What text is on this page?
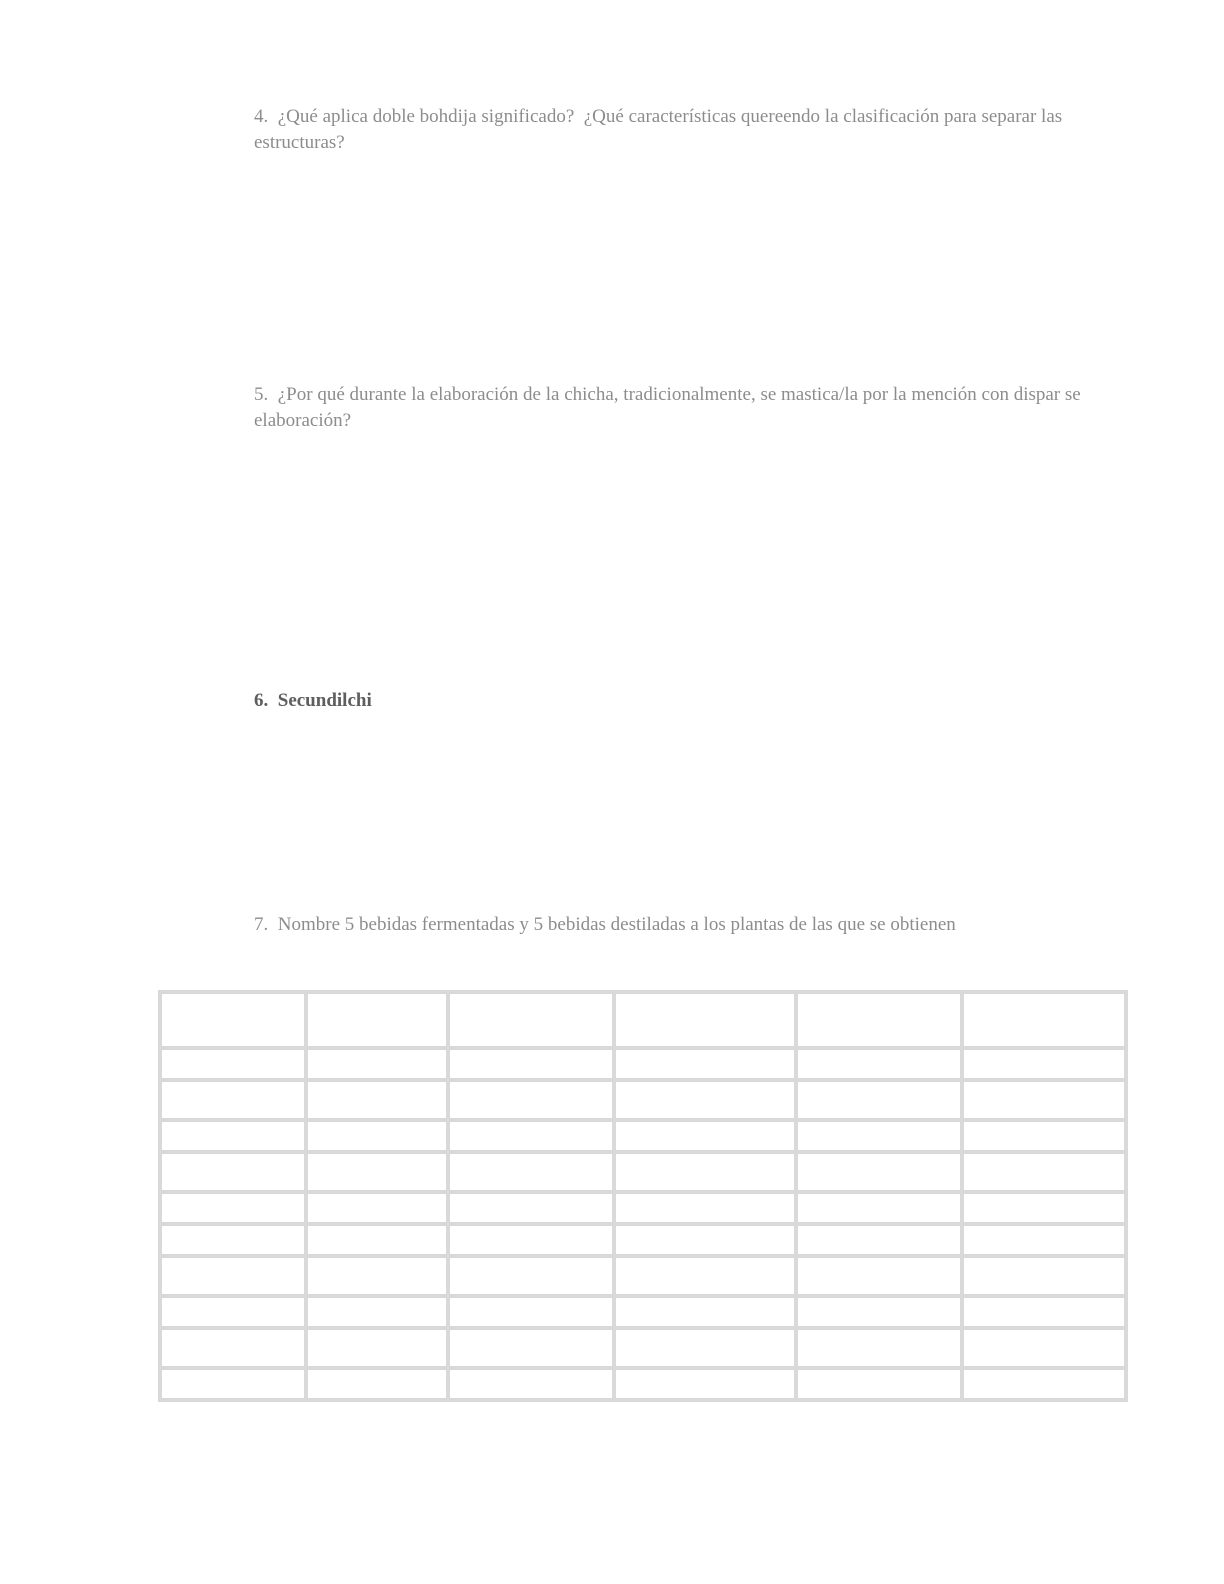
4.  ¿Qué aplica doble bohdija significado?  ¿Qué características quereendo la clasificación para separar las estructuras?
5.  ¿Por qué durante la elaboración de la chicha, tradicionalmente, se mastica/la por la mención con dispar se elaboración?
6.  Secundilchi
7.  Nombre 5 bebidas fermentadas y 5 bebidas destiladas a los plantas de las que se obtienen
